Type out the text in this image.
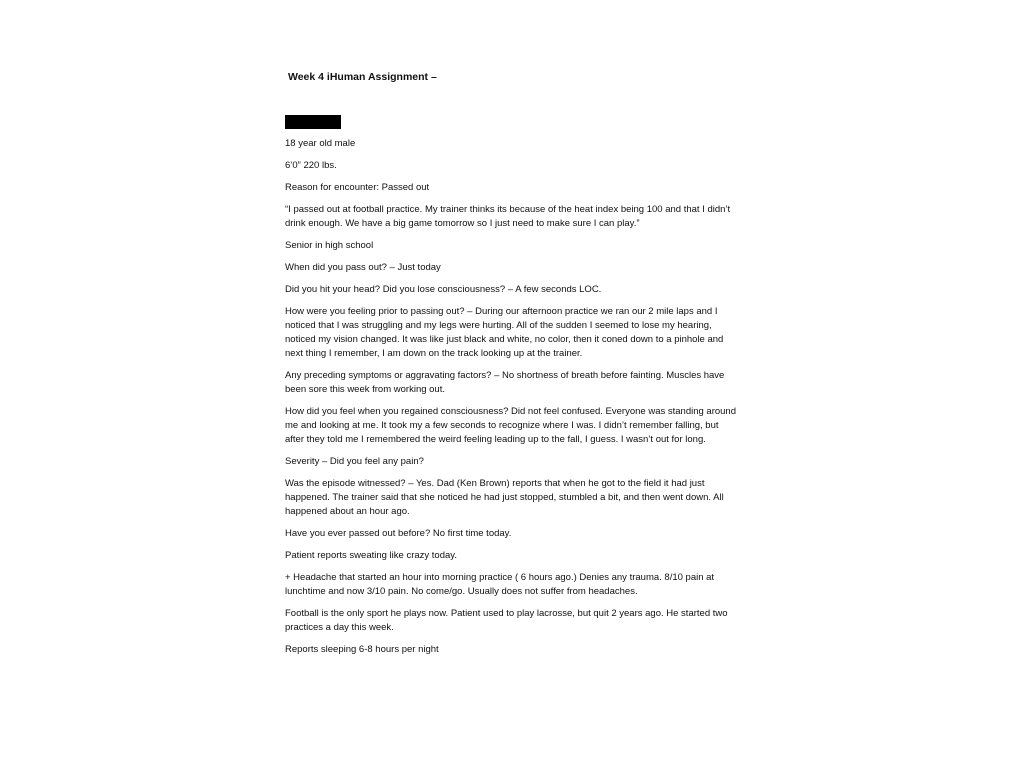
Week 4 iHuman Assignment –

18 year old male

6’0” 220 lbs.

Reason for encounter: Passed out

“I passed out at football practice. My trainer thinks its because of the heat index being 100 and that I didn’t drink enough. We have a big game tomorrow so I just need to make sure I can play.”

Senior in high school

When did you pass out? – Just today

Did you hit your head? Did you lose consciousness? – A few seconds LOC.

How were you feeling prior to passing out? – During our afternoon practice we ran our 2 mile laps and I noticed that I was struggling and my legs were hurting. All of the sudden I seemed to lose my hearing, noticed my vision changed. It was like just black and white, no color, then it coned down to a pinhole and next thing I remember, I am down on the track looking up at the trainer.

Any preceding symptoms or aggravating factors? – No shortness of breath before fainting. Muscles have been sore this week from working out.

How did you feel when you regained consciousness? Did not feel confused. Everyone was standing around me and looking at me. It took my a few seconds to recognize where I was. I didn’t remember falling, but after they told me I remembered the weird feeling leading up to the fall, I guess. I wasn’t out for long.

Severity – Did you feel any pain?

Was the episode witnessed? – Yes. Dad (Ken Brown) reports that when he got to the field it had just happened. The trainer said that she noticed he had just stopped, stumbled a bit, and then went down. All happened about an hour ago.

Have you ever passed out before? No first time today.

Patient reports sweating like crazy today.

+ Headache that started an hour into morning practice ( 6 hours ago.) Denies any trauma. 8/10 pain at lunchtime and now 3/10 pain. No come/go. Usually does not suffer from headaches.

Football is the only sport he plays now. Patient used to play lacrosse, but quit 2 years ago. He started two practices a day this week.

Reports sleeping 6-8 hours per night
